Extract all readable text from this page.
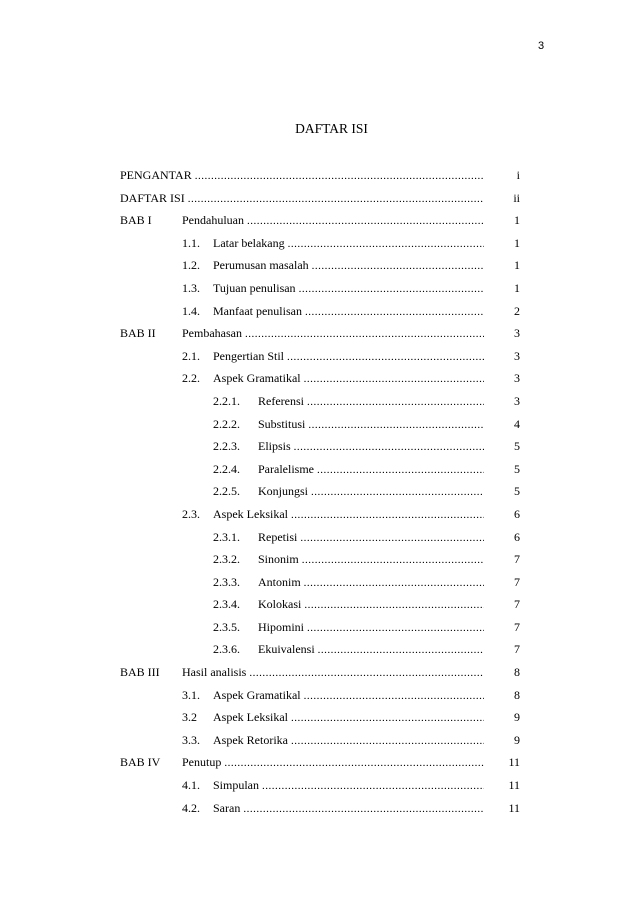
3
DAFTAR ISI
PENGANTAR .....	i
DAFTAR ISI .....	ii
BAB I	Pendahuluan .....	1
1.1.	Latar belakang .....	1
1.2.	Perumusan masalah .....	1
1.3.	Tujuan penulisan .....	1
1.4.	Manfaat penulisan .....	2
BAB II Pembahasan .....	3
2.1.	Pengertian Stil .....	3
2.2.	Aspek Gramatikal .....	3
2.2.1.	Referensi .....	3
2.2.2.	Substitusi .....	4
2.2.3.	Elipsis .....	5
2.2.4.	Paralelisme .....	5
2.2.5.	Konjungsi .....	5
2.3.	Aspek Leksikal .....	6
2.3.1.	Repetisi .....	6
2.3.2.	Sinonim .....	7
2.3.3.	Antonim .....	7
2.3.4.	Kolokasi .....	7
2.3.5.	Hipomini .....	7
2.3.6.	Ekuivalensi .....	7
BAB III Hasil analisis .....	8
3.1.	Aspek Gramatikal .....	8
3.2	Aspek Leksikal .....	9
3.3.	Aspek Retorika .....	9
BAB IV Penutup .....	11
4.1.	Simpulan .....	11
4.2.	Saran .....	11
